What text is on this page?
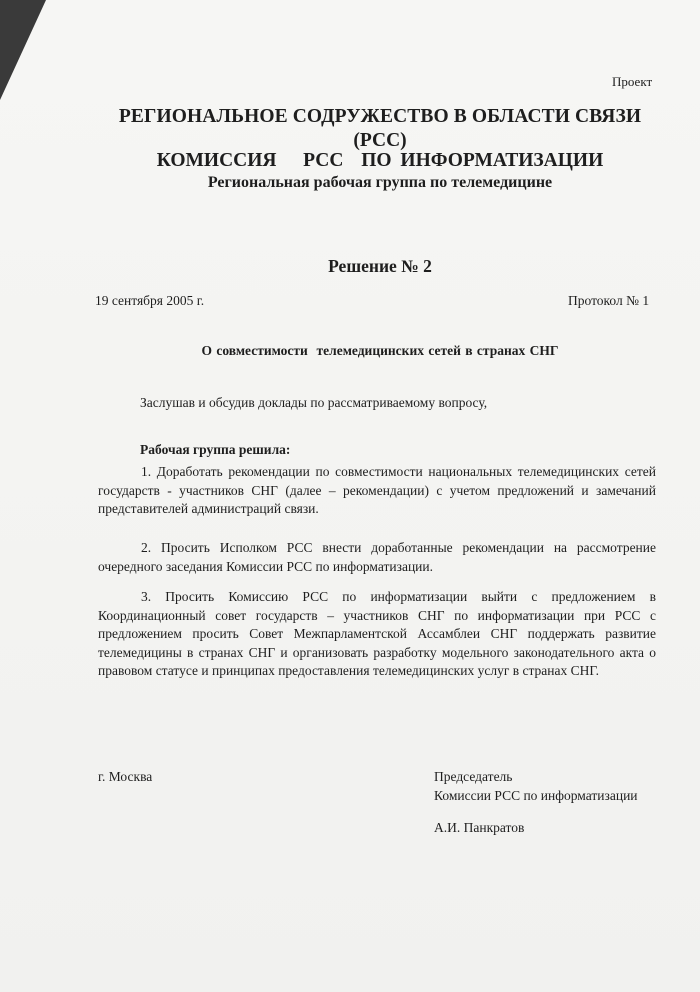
Проект
РЕГИОНАЛЬНОЕ СОДРУЖЕСТВО В ОБЛАСТИ СВЯЗИ
(РСС)
КОМИССИЯ   РСС  ПО ИНФОРМАТИЗАЦИИ
Региональная рабочая группа по телемедицине
Решение № 2
19 сентября 2005 г.	Протокол № 1
О совместимости  телемедицинских сетей в странах СНГ
Заслушав и обсудив доклады по рассматриваемому вопросу,
Рабочая группа решила:

1. Доработать рекомендации по совместимости национальных телемедицинских сетей государств - участников СНГ (далее – рекомендации) с учетом предложений и замечаний представителей администраций связи.

2. Просить Исполком РСС внести доработанные рекомендации на рассмотрение очередного заседания Комиссии РСС по информатизации.

3. Просить Комиссию РСС по информатизации выйти с предложением в Координационный совет государств – участников СНГ по информатизации при РСС с предложением просить Совет Межпарламентской Ассамблеи СНГ поддержать развитие телемедицины в странах СНГ и организовать разработку модельного законодательного акта о правовом статусе и принципах предоставления телемедицинских услуг в странах СНГ.

г. Москва	Председатель
Комиссии РСС по информатизации
А.И. Панкратов
